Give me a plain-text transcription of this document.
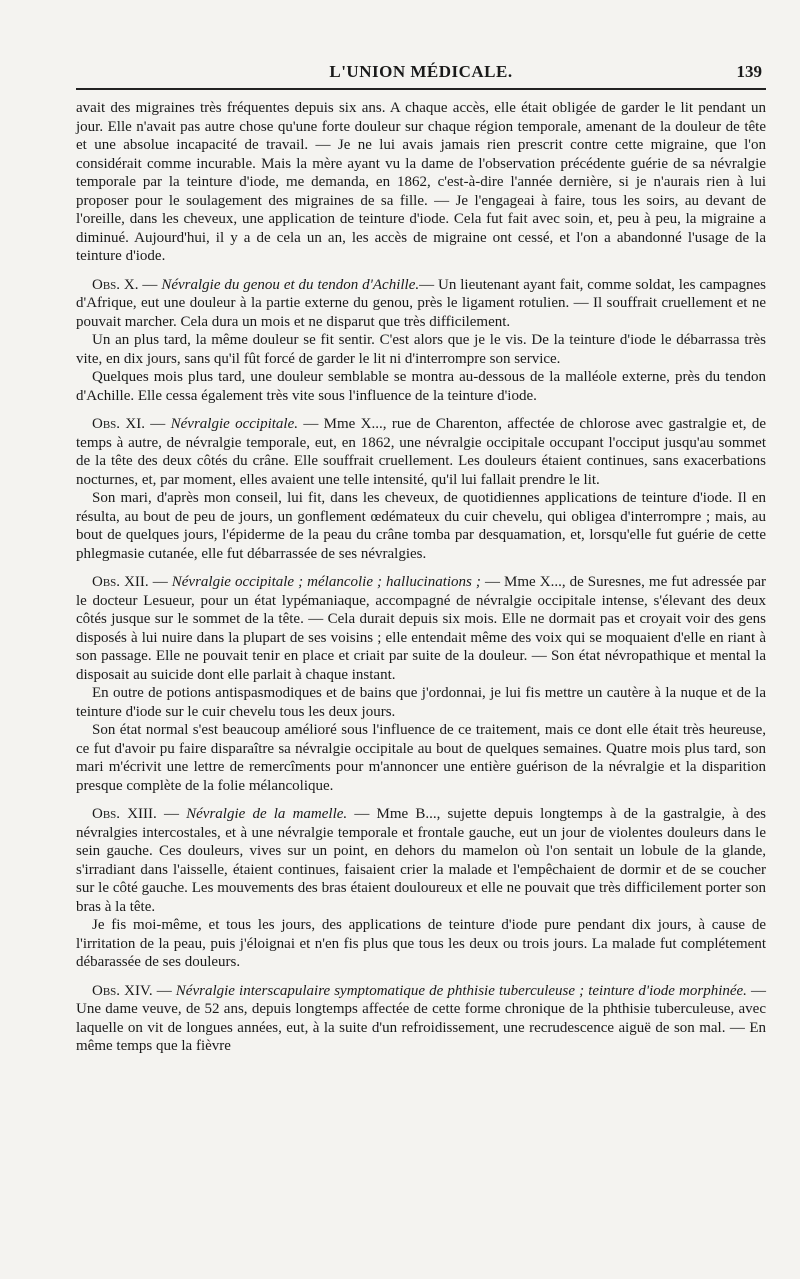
L'UNION MÉDICALE.	139

avait des migraines très fréquentes depuis six ans. A chaque accès, elle était obligée de garder le lit pendant un jour. Elle n'avait pas autre chose qu'une forte douleur sur chaque région temporale, amenant de la douleur de tête et une absolue incapacité de travail. — Je ne lui avais jamais rien prescrit contre cette migraine, que l'on considérait comme incurable. Mais la mère ayant vu la dame de l'observation précédente guérie de sa névralgie temporale par la teinture d'iode, me demanda, en 1862, c'est-à-dire l'année dernière, si je n'aurais rien à lui proposer pour le soulagement des migraines de sa fille. — Je l'engageai à faire, tous les soirs, au devant de l'oreille, dans les cheveux, une application de teinture d'iode. Cela fut fait avec soin, et, peu à peu, la migraine a diminué. Aujourd'hui, il y a de cela un an, les accès de migraine ont cessé, et l'on a abandonné l'usage de la teinture d'iode.

Obs. X. — Névralgie du genou et du tendon d'Achille.— Un lieutenant ayant fait, comme soldat, les campagnes d'Afrique, eut une douleur à la partie externe du genou, près le ligament rotulien. — Il souffrait cruellement et ne pouvait marcher. Cela dura un mois et ne disparut que très difficilement.

Un an plus tard, la même douleur se fit sentir. C'est alors que je le vis. De la teinture d'iode le débarrassa très vite, en dix jours, sans qu'il fût forcé de garder le lit ni d'interrompre son service.

Quelques mois plus tard, une douleur semblable se montra au-dessous de la malléole externe, près du tendon d'Achille. Elle cessa également très vite sous l'influence de la teinture d'iode.

Obs. XI. — Névralgie occipitale. — Mme X..., rue de Charenton, affectée de chlorose avec gastralgie et, de temps à autre, de névralgie temporale, eut, en 1862, une névralgie occipitale occupant l'occiput jusqu'au sommet de la tête des deux côtés du crâne. Elle souffrait cruellement. Les douleurs étaient continues, sans exacerbations nocturnes, et, par moment, elles avaient une telle intensité, qu'il lui fallait prendre le lit.

Son mari, d'après mon conseil, lui fit, dans les cheveux, de quotidiennes applications de teinture d'iode. Il en résulta, au bout de peu de jours, un gonflement œdémateux du cuir chevelu, qui obligea d'interrompre ; mais, au bout de quelques jours, l'épiderme de la peau du crâne tomba par desquamation, et, lorsqu'elle fut guérie de cette phlegmasie cutanée, elle fut débarrassée de ses névralgies.

Obs. XII. — Névralgie occipitale ; mélancolie ; hallucinations ; — Mme X..., de Suresnes, me fut adressée par le docteur Lesueur, pour un état lypémaniaque, accompagné de névralgie occipitale intense, s'élevant des deux côtés jusque sur le sommet de la tête. — Cela durait depuis six mois. Elle ne dormait pas et croyait voir des gens disposés à lui nuire dans la plupart de ses voisins ; elle entendait même des voix qui se moquaient d'elle en riant à son passage. Elle ne pouvait tenir en place et criait par suite de la douleur. — Son état névropathique et mental la disposait au suicide dont elle parlait à chaque instant.

En outre de potions antispasmodiques et de bains que j'ordonnai, je lui fis mettre un cautère à la nuque et de la teinture d'iode sur le cuir chevelu tous les deux jours.

Son état normal s'est beaucoup amélioré sous l'influence de ce traitement, mais ce dont elle était très heureuse, ce fut d'avoir pu faire disparaître sa névralgie occipitale au bout de quelques semaines. Quatre mois plus tard, son mari m'écrivit une lettre de remercîments pour m'annoncer une entière guérison de la névralgie et la disparition presque complète de la folie mélancolique.

Obs. XIII. — Névralgie de la mamelle. — Mme B..., sujette depuis longtemps à de la gastralgie, à des névralgies intercostales, et à une névralgie temporale et frontale gauche, eut un jour de violentes douleurs dans le sein gauche. Ces douleurs, vives sur un point, en dehors du mamelon où l'on sentait un lobule de la glande, s'irradiant dans l'aisselle, étaient continues, faisaient crier la malade et l'empêchaient de dormir et de se coucher sur le côté gauche. Les mouvements des bras étaient douloureux et elle ne pouvait que très difficilement porter son bras à la tête.

Je fis moi-même, et tous les jours, des applications de teinture d'iode pure pendant dix jours, à cause de l'irritation de la peau, puis j'éloignai et n'en fis plus que tous les deux ou trois jours. La malade fut complétement débarassée de ses douleurs.

Obs. XIV. — Névralgie interscapulaire symptomatique de phthisie tuberculeuse ; teinture d'iode morphinée. — Une dame veuve, de 52 ans, depuis longtemps affectée de cette forme chronique de la phthisie tuberculeuse, avec laquelle on vit de longues années, eut, à la suite d'un refroidissement, une recrudescence aiguë de son mal. — En même temps que la fièvre
